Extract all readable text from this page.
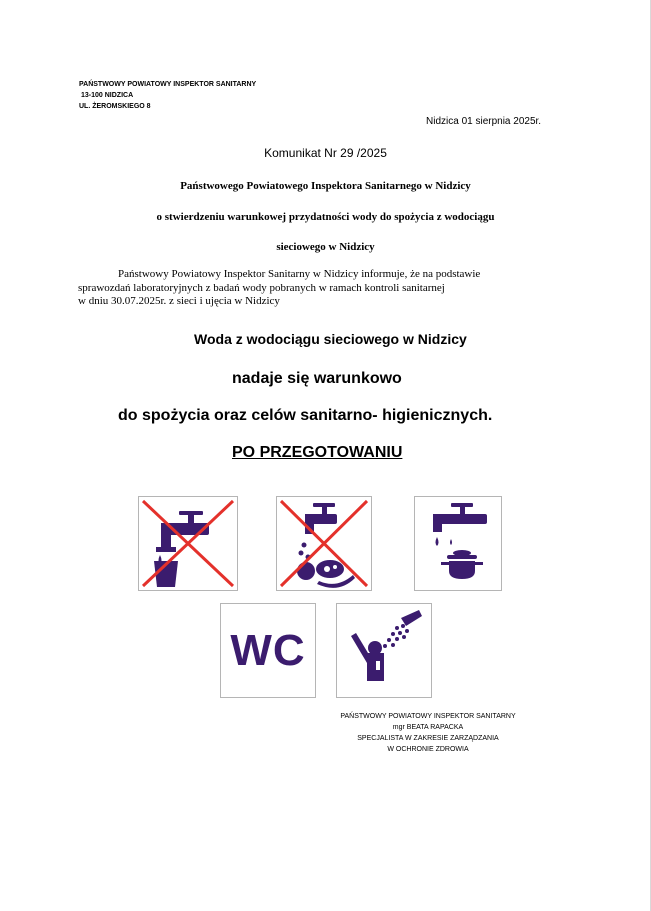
PAŃSTWOWY POWIATOWY INSPEKTOR SANITARNY
13-100 NIDZICA
UL. ŻEROMSKIEGO 8
Nidzica 01 sierpnia 2025r.
Komunikat Nr 29 /2025
Państwowego Powiatowego Inspektora Sanitarnego w Nidzicy
o stwierdzeniu warunkowej przydatności wody do spożycia z wodociągu
sieciowego w Nidzicy
Państwowy Powiatowy Inspektor Sanitarny w Nidzicy informuje, że na podstawie
sprawozdań laboratoryjnych z badań wody pobranych w ramach kontroli sanitarnej
w dniu 30.07.2025r. z sieci i ujęcia w Nidzicy
Woda z wodociągu sieciowego w Nidzicy
nadaje się warunkowo
do spożycia oraz celów sanitarno- higienicznych.
PO PRZEGOTOWANIU
WC
PAŃSTWOWY POWIATOWY INSPEKTOR SANITARNY
mgr BEATA RAPACKA
SPECJALISTA W ZAKRESIE ZARZĄDZANIA
W OCHRONIE ZDROWIA
